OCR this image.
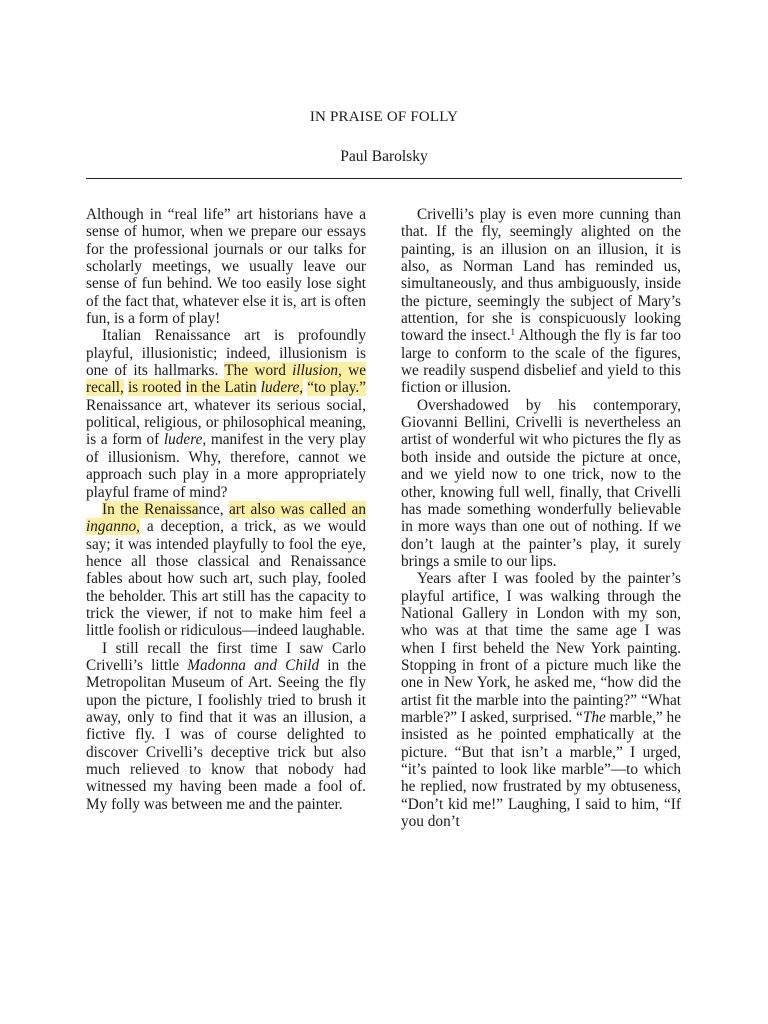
IN PRAISE OF FOLLY
Paul Barolsky

Although in “real life” art historians have a sense of humor, when we prepare our essays for the professional journals or our talks for scholarly meetings, we usually leave our sense of fun behind. We too easily lose sight of the fact that, whatever else it is, art is often fun, is a form of play!

Italian Renaissance art is profoundly playful, illusionistic; indeed, illusionism is one of its hallmarks. The word illusion, we recall, is rooted in the Latin ludere, “to play.” Renaissance art, whatever its serious social, political, religious, or philosophical meaning, is a form of ludere, manifest in the very play of illusionism. Why, therefore, cannot we approach such play in a more appropriately playful frame of mind?

In the Renaissance, art also was called an inganno, a deception, a trick, as we would say; it was intended playfully to fool the eye, hence all those classical and Renaissance fables about how such art, such play, fooled the beholder. This art still has the capacity to trick the viewer, if not to make him feel a little foolish or ridiculous—indeed laughable.

I still recall the first time I saw Carlo Crivelli’s little Madonna and Child in the Metropolitan Museum of Art. Seeing the fly upon the picture, I foolishly tried to brush it away, only to find that it was an illusion, a fictive fly. I was of course delighted to discover Crivelli’s deceptive trick but also much relieved to know that nobody had witnessed my having been made a fool of. My folly was between me and the painter.

Crivelli’s play is even more cunning than that. If the fly, seemingly alighted on the painting, is an illusion on an illusion, it is also, as Norman Land has reminded us, simultaneously, and thus ambiguously, inside the picture, seemingly the subject of Mary’s attention, for she is conspicuously looking toward the insect.$^1$ Although the fly is far too large to conform to the scale of the figures, we readily suspend disbelief and yield to this fiction or illusion.

Overshadowed by his contemporary, Giovanni Bellini, Crivelli is nevertheless an artist of wonderful wit who pictures the fly as both inside and outside the picture at once, and we yield now to one trick, now to the other, knowing full well, finally, that Crivelli has made something wonderfully believable in more ways than one out of nothing. If we don’t laugh at the painter’s play, it surely brings a smile to our lips.

Years after I was fooled by the painter’s playful artifice, I was walking through the National Gallery in London with my son, who was at that time the same age I was when I first beheld the New York painting. Stopping in front of a picture much like the one in New York, he asked me, “how did the artist fit the marble into the painting?” “What marble?” I asked, surprised. “The marble,” he insisted as he pointed emphatically at the picture. “But that isn’t a marble,” I urged, “it’s painted to look like marble”—to which he replied, now frustrated by my obtuseness, “Don’t kid me!” Laughing, I said to him, “If you don’t
